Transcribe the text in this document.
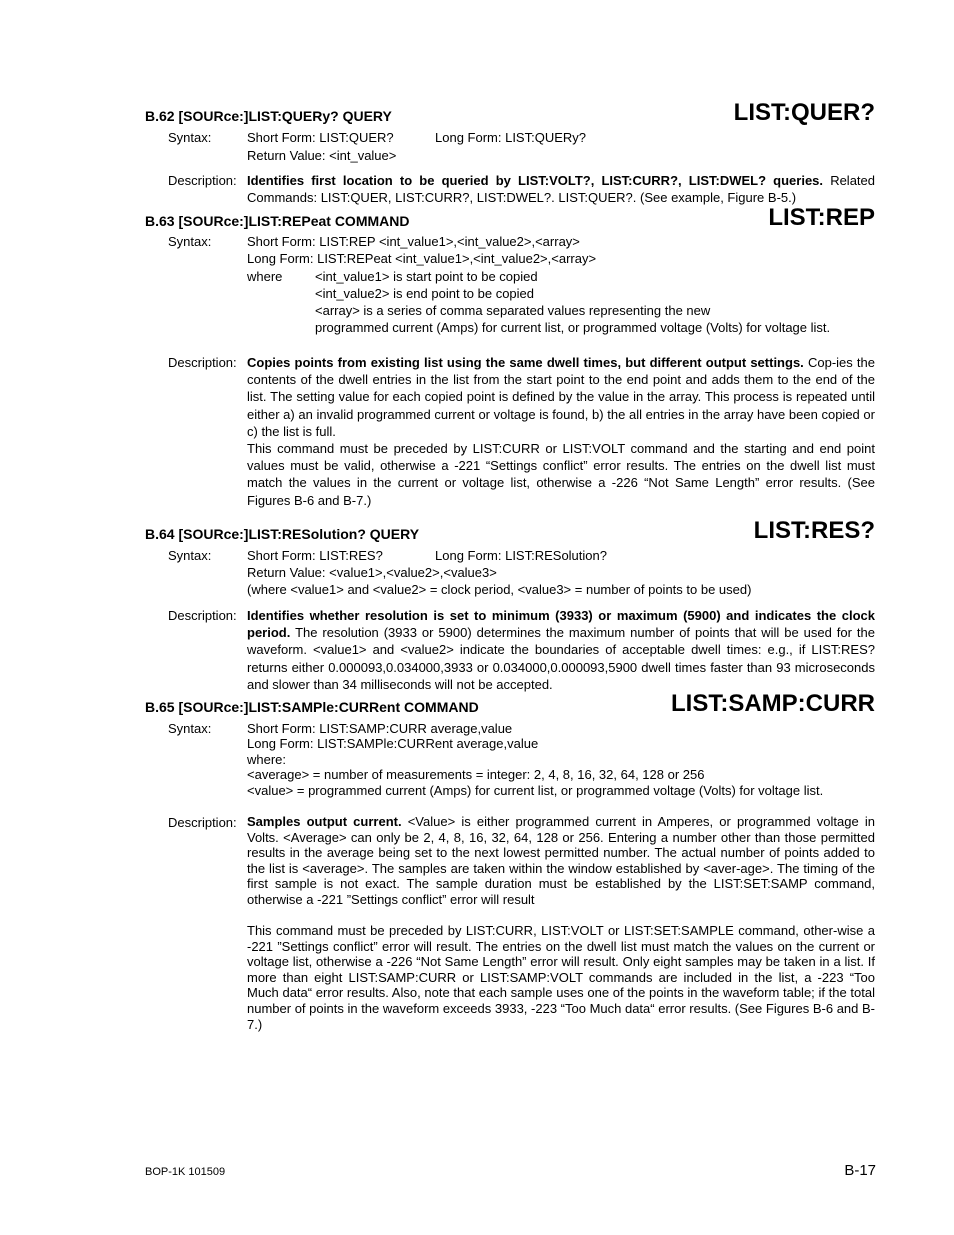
B.62 [SOURce:]LIST:QUERy? QUERY	LIST:QUER?
Syntax:	Short Form: LIST:QUER?	Long Form: LIST:QUERy?
Return Value: <int_value>
Description: Identifies first location to be queried by LIST:VOLT?, LIST:CURR?, LIST:DWEL? queries. Related Commands: LIST:QUER, LIST:CURR?, LIST:DWEL?. LIST:QUER?. (See example, Figure B-5.)
B.63 [SOURce:]LIST:REPeat COMMAND	LIST:REP
Syntax:	Short Form: LIST:REP <int_value1>,<int_value2>,<array>
Long Form: LIST:REPeat <int_value1>,<int_value2>,<array>
where	<int_value1> is start point to be copied
<int_value2> is end point to be copied
<array> is a series of comma separated values representing the new
programmed current (Amps) for current list, or programmed voltage (Volts) for voltage list.
Description: Copies points from existing list using the same dwell times, but different output settings. Cop-ies the contents of the dwell entries in the list from the start point to the end point and adds them to the end of the list. The setting value for each copied point is defined by the value in the array. This process is repeated until either a) an invalid programmed current or voltage is found, b) the all entries in the array have been copied or c) the list is full.
This command must be preceded by LIST:CURR or LIST:VOLT command and the starting and end point values must be valid, otherwise a -221 “Settings conflict” error results. The entries on the dwell list must match the values in the current or voltage list, otherwise a -226 “Not Same Length” error results. (See Figures B-6 and B-7.)
B.64 [SOURce:]LIST:RESolution? QUERY	LIST:RES?
Syntax:	Short Form: LIST:RES?	Long Form: LIST:RESolution?
Return Value: <value1>,<value2>,<value3>
(where <value1> and <value2> = clock period, <value3> = number of points to be used)
Description: Identifies whether resolution is set to minimum (3933) or maximum (5900) and indicates the clock period. The resolution (3933 or 5900) determines the maximum number of points that will be used for the waveform. <value1> and <value2> indicate the boundaries of acceptable dwell times: e.g., if LIST:RES? returns either 0.000093,0.034000,3933 or 0.034000,0.000093,5900 dwell times faster than 93 microseconds and slower than 34 milliseconds will not be accepted.
B.65 [SOURce:]LIST:SAMPle:CURRent COMMAND	LIST:SAMP:CURR
Syntax:	Short Form: LIST:SAMP:CURR average,value
Long Form: LIST:SAMPle:CURRent average,value
where:
<average> = number of measurements = integer: 2, 4, 8, 16, 32, 64, 128 or 256
<value> = programmed current (Amps) for current list, or programmed voltage (Volts) for voltage list.
Description: Samples output current. <Value> is either programmed current in Amperes, or programmed voltage in Volts. <Average> can only be 2, 4, 8, 16, 32, 64, 128 or 256. Entering a number other than those permitted results in the average being set to the next lowest permitted number. The actual number of points added to the list is <average>. The samples are taken within the window established by <aver-age>. The timing of the first sample is not exact. The sample duration must be established by the LIST:SET:SAMP command, otherwise a -221 ”Settings conflict” error will result
This command must be preceded by LIST:CURR, LIST:VOLT or LIST:SET:SAMPLE command, other-wise a -221 ”Settings conflict” error will result. The entries on the dwell list must match the values on the current or voltage list, otherwise a -226 “Not Same Length” error will result. Only eight samples may be taken in a list. If more than eight LIST:SAMP:CURR or LIST:SAMP:VOLT commands are included in the list, a -223 “Too Much data“ error results. Also, note that each sample uses one of the points in the waveform table; if the total number of points in the waveform exceeds 3933, -223 “Too Much data“ error results. (See Figures B-6 and B-7.)
BOP-1K 101509	B-17
